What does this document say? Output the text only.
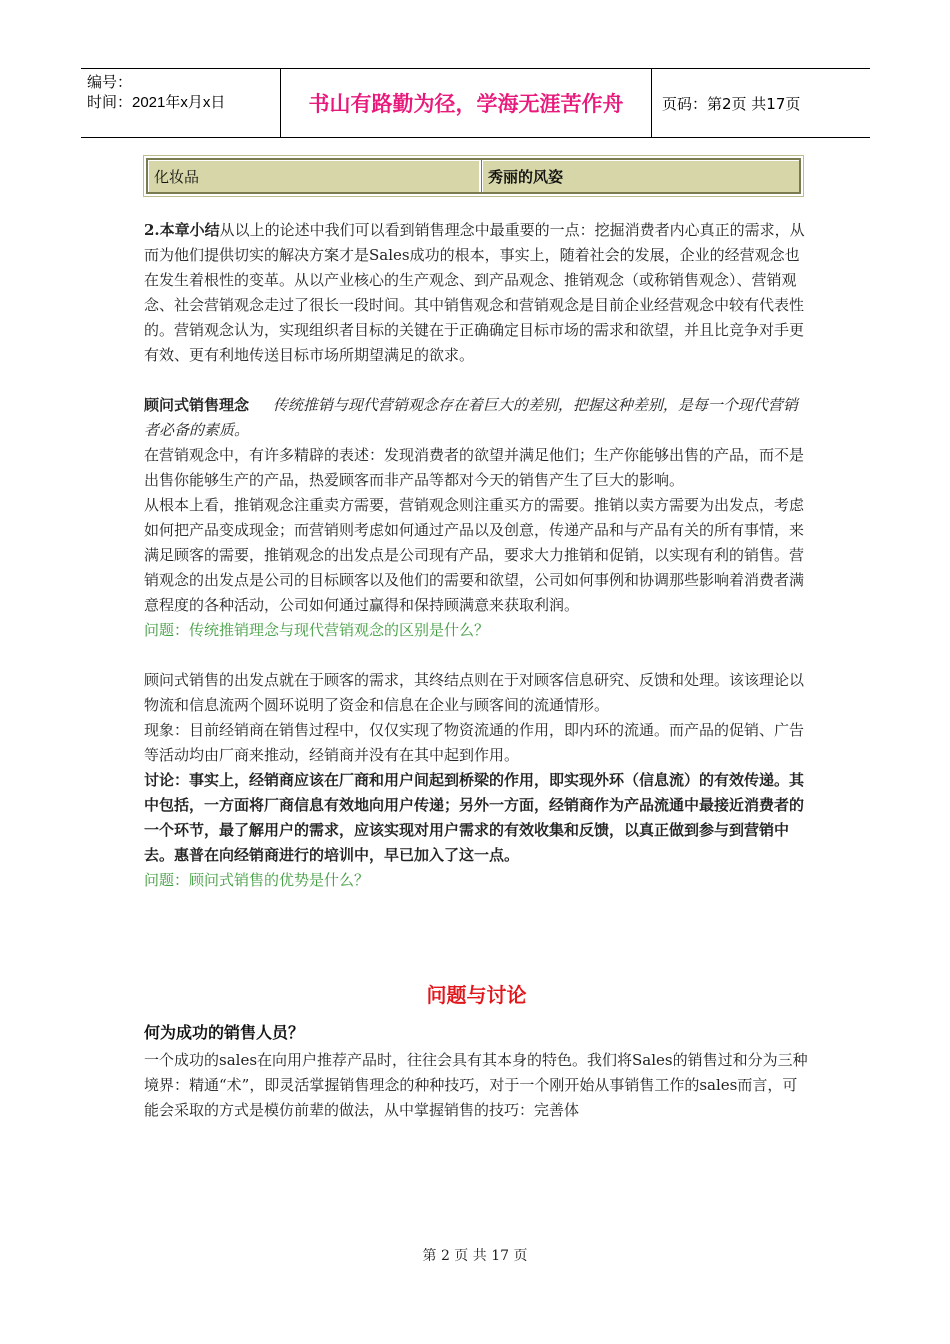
编号：
时间：2021年x月x日	书山有路勤为径，学海无涯苦作舟	页码：第2页 共17页
化妆品	秀丽的风姿

2.本章小结从以上的论述中我们可以看到销售理念中最重要的一点：挖掘消费者内心真正的需求，从而为他们提供切实的解决方案才是Sales成功的根本，事实上，随着社会的发展，企业的经营观念也在发生着根性的变革。从以产业核心的生产观念、到产品观念、推销观念（或称销售观念）、营销观念、社会营销观念走过了很长一段时间。其中销售观念和营销观念是目前企业经营观念中较有代表性的。营销观念认为，实现组织者目标的关键在于正确确定目标市场的需求和欲望，并且比竞争对手更有效、更有利地传送目标市场所期望满足的欲求。

顾问式销售理念 传统推销与现代营销观念存在着巨大的差别，把握这种差别，是每一个现代营销者必备的素质。

在营销观念中，有许多精辟的表述：发现消费者的欲望并满足他们；生产你能够出售的产品，而不是出售你能够生产的产品，热爱顾客而非产品等都对今天的销售产生了巨大的影响。

从根本上看，推销观念注重卖方需要，营销观念则注重买方的需要。推销以卖方需要为出发点，考虑如何把产品变成现金；而营销则考虑如何通过产品以及创意，传递产品和与产品有关的所有事情，来满足顾客的需要，推销观念的出发点是公司现有产品，要求大力推销和促销，以实现有利的销售。营销观念的出发点是公司的目标顾客以及他们的需要和欲望，公司如何事例和协调那些影响着消费者满意程度的各种活动，公司如何通过赢得和保持顾满意来获取利润。

问题：传统推销理念与现代营销观念的区别是什么？

顾问式销售的出发点就在于顾客的需求，其终结点则在于对顾客信息研究、反馈和处理。该该理论以物流和信息流两个圆环说明了资金和信息在企业与顾客间的流通情形。

现象：目前经销商在销售过程中，仅仅实现了物资流通的作用，即内环的流通。而产品的促销、广告等活动均由厂商来推动，经销商并没有在其中起到作用。

讨论：事实上，经销商应该在厂商和用户间起到桥梁的作用，即实现外环（信息流）的有效传递。其中包括，一方面将厂商信息有效地向用户传递；另外一方面，经销商作为产品流通中最接近消费者的一个环节，最了解用户的需求，应该实现对用户需求的有效收集和反馈，以真正做到参与到营销中去。惠普在向经销商进行的培训中，早已加入了这一点。

问题：顾问式销售的优势是什么？

问题与讨论
何为成功的销售人员？

一个成功的sales在向用户推荐产品时，往往会具有其本身的特色。我们将Sales的销售过和分为三种境界：精通“术”，即灵活掌握销售理念的种种技巧，对于一个刚开始从事销售工作的sales而言，可能会采取的方式是模仿前辈的做法，从中掌握销售的技巧：完善体

第 2 页 共 17 页
